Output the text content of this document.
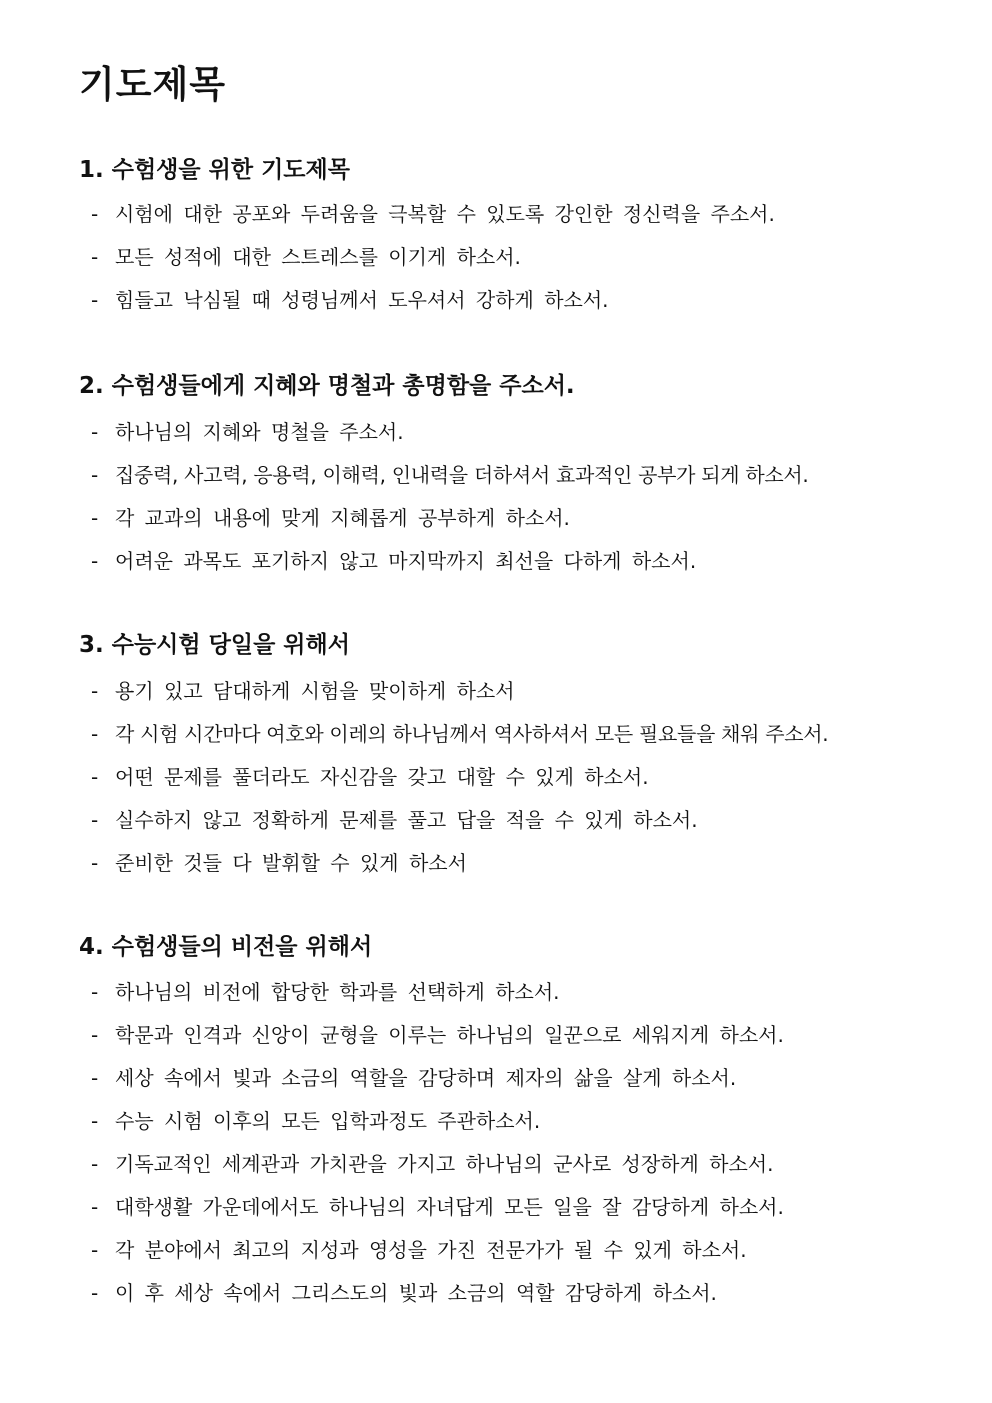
기도제목
1. 수험생을 위한 기도제목
- 시험에 대한 공포와 두려움을 극복할 수 있도록 강인한 정신력을 주소서.
- 모든 성적에 대한 스트레스를 이기게 하소서.
- 힘들고 낙심될 때 성령님께서 도우셔서 강하게 하소서.
2. 수험생들에게 지혜와 명철과 총명함을 주소서.
- 하나님의 지혜와 명철을 주소서.
- 집중력, 사고력, 응용력, 이해력, 인내력을 더하셔서 효과적인 공부가 되게 하소서.
- 각 교과의 내용에 맞게 지혜롭게 공부하게 하소서.
- 어려운 과목도 포기하지 않고 마지막까지 최선을 다하게 하소서.
3. 수능시험 당일을 위해서
- 용기 있고 담대하게 시험을 맞이하게 하소서
- 각 시험 시간마다 여호와 이레의 하나님께서 역사하셔서 모든 필요들을 채워 주소서.
- 어떤 문제를 풀더라도 자신감을 갖고 대할 수 있게 하소서.
- 실수하지 않고 정확하게 문제를 풀고 답을 적을 수 있게 하소서.
- 준비한 것들 다 발휘할 수 있게 하소서
4. 수험생들의 비전을 위해서
- 하나님의 비전에 합당한 학과를 선택하게 하소서.
- 학문과 인격과 신앙이 균형을 이루는 하나님의 일꾼으로 세워지게 하소서.
- 세상 속에서 빛과 소금의 역할을 감당하며 제자의 삶을 살게 하소서.
- 수능 시험 이후의 모든 입학과정도 주관하소서.
- 기독교적인 세계관과 가치관을 가지고 하나님의 군사로 성장하게 하소서.
- 대학생활 가운데에서도 하나님의 자녀답게 모든 일을 잘 감당하게 하소서.
- 각 분야에서 최고의 지성과 영성을 가진 전문가가 될 수 있게 하소서.
- 이 후 세상 속에서 그리스도의 빛과 소금의 역할 감당하게 하소서.
